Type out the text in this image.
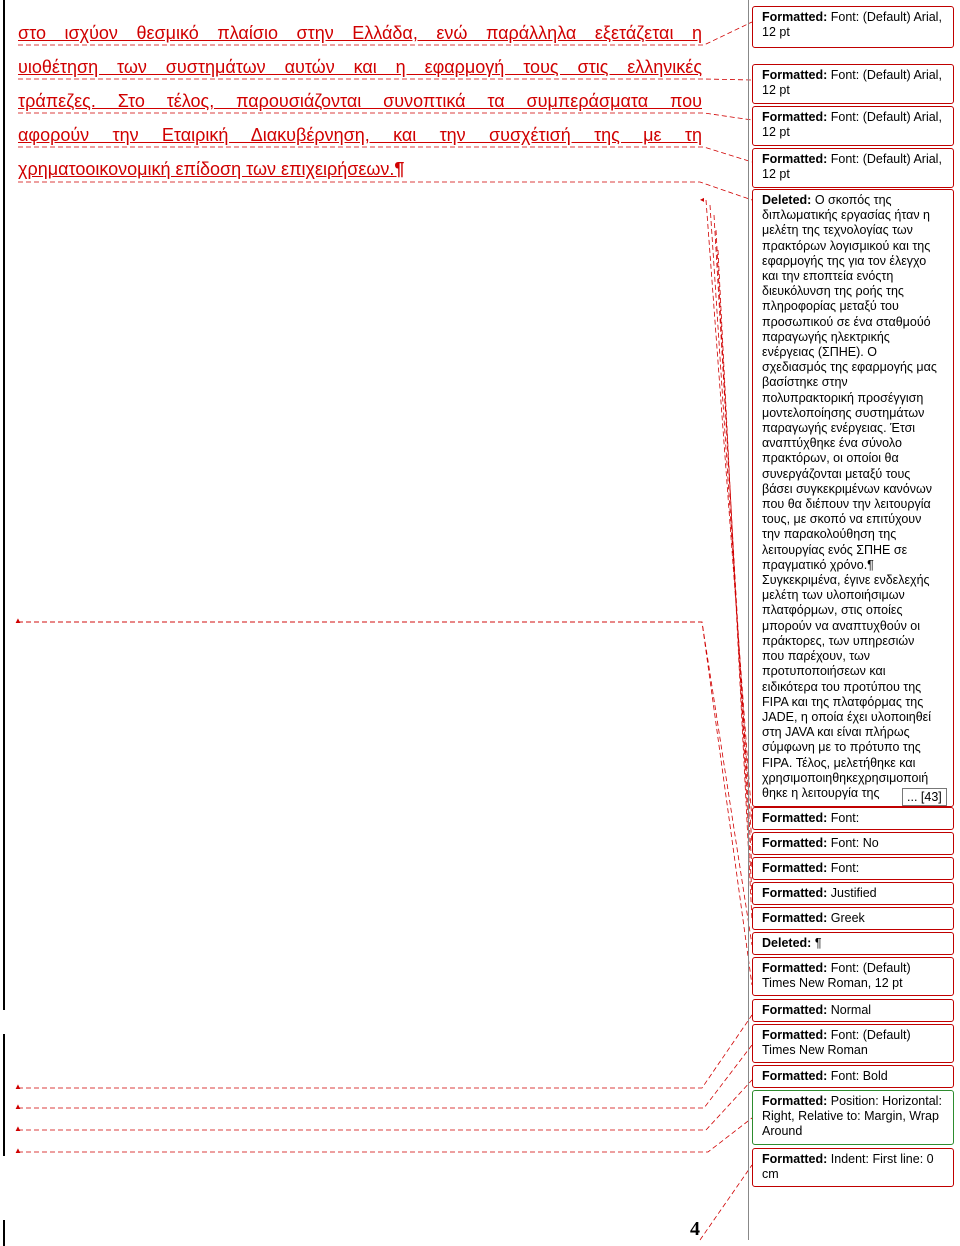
▲
▲
▲
▲
▲
◂
στο ισχύον θεσμικό πλαίσιο στην Ελλάδα, ενώ παράλληλα εξετάζεται η
υιοθέτηση των συστημάτων αυτών και η εφαρμογή τους στις ελληνικές
τράπεζες. Στο τέλος, παρουσιάζονται συνοπτικά τα συμπεράσματα που
αφορούν την Εταιρική Διακυβέρνηση, και την συσχέτισή της με τη
χρηματοοικονομική επίδοση των επιχειρήσεων.¶
Formatted: Font: (Default) Arial, 12 pt
Formatted: Font: (Default) Arial, 12 pt
Formatted: Font: (Default) Arial, 12 pt
Formatted: Font: (Default) Arial, 12 pt
Deleted: Ο σκοπός της διπλωματικής εργασίας ήταν η μελέτη της τεχνολογίας των πρακτόρων λογισμικού και της εφαρμογής της για τον έλεγχο και την εποπτεία ενόςτη διευκόλυνση της ροής της πληροφορίας μεταξύ του προσωπικού σε ένα σταθμούό παραγωγής ηλεκτρικής ενέργειας (ΣΠΗΕ). Ο σχεδιασμός της εφαρμογής μας βασίστηκε στην πολυπρακτορική προσέγγιση μοντελοποίησης συστημάτων παραγωγής ενέργειας. Έτσι αναπτύχθηκε ένα σύνολο πρακτόρων, οι οποίοι θα συνεργάζονται μεταξύ τους βάσει συγκεκριμένων κανόνων που θα διέπουν την λειτουργία τους, με σκοπό να επιτύχουν την παρακολούθηση της λειτουργίας ενός ΣΠΗΕ σε πραγματικό χρόνο.¶ Συγκεκριμένα, έγινε ενδελεχής μελέτη των υλοποιήσιμων πλατφόρμων, στις οποίες μπορούν να αναπτυχθούν οι πράκτορες, των υπηρεσιών που παρέχουν, των προτυποποιήσεων και ειδικότερα του προτύπου της FIPA και της πλατφόρμας της JADE, η οποία έχει υλοποιηθεί στη JAVA και είναι πλήρως σύμφωνη με το πρότυπο της FIPA. Τέλος, μελετήθηκε και χρησιμοποιηθηκεχρησιμοποιή θηκε η λειτουργία της	... [43]
Formatted: Font:
Formatted: Font: No
Formatted: Font:
Formatted: Justified
Formatted: Greek
Deleted: ¶
Formatted: Font: (Default) Times New Roman, 12 pt
Formatted: Normal
Formatted: Font: (Default) Times New Roman
Formatted: Font: Bold
Formatted: Position: Horizontal: Right, Relative to: Margin, Wrap Around
Formatted: Indent: First line: 0 cm
4
